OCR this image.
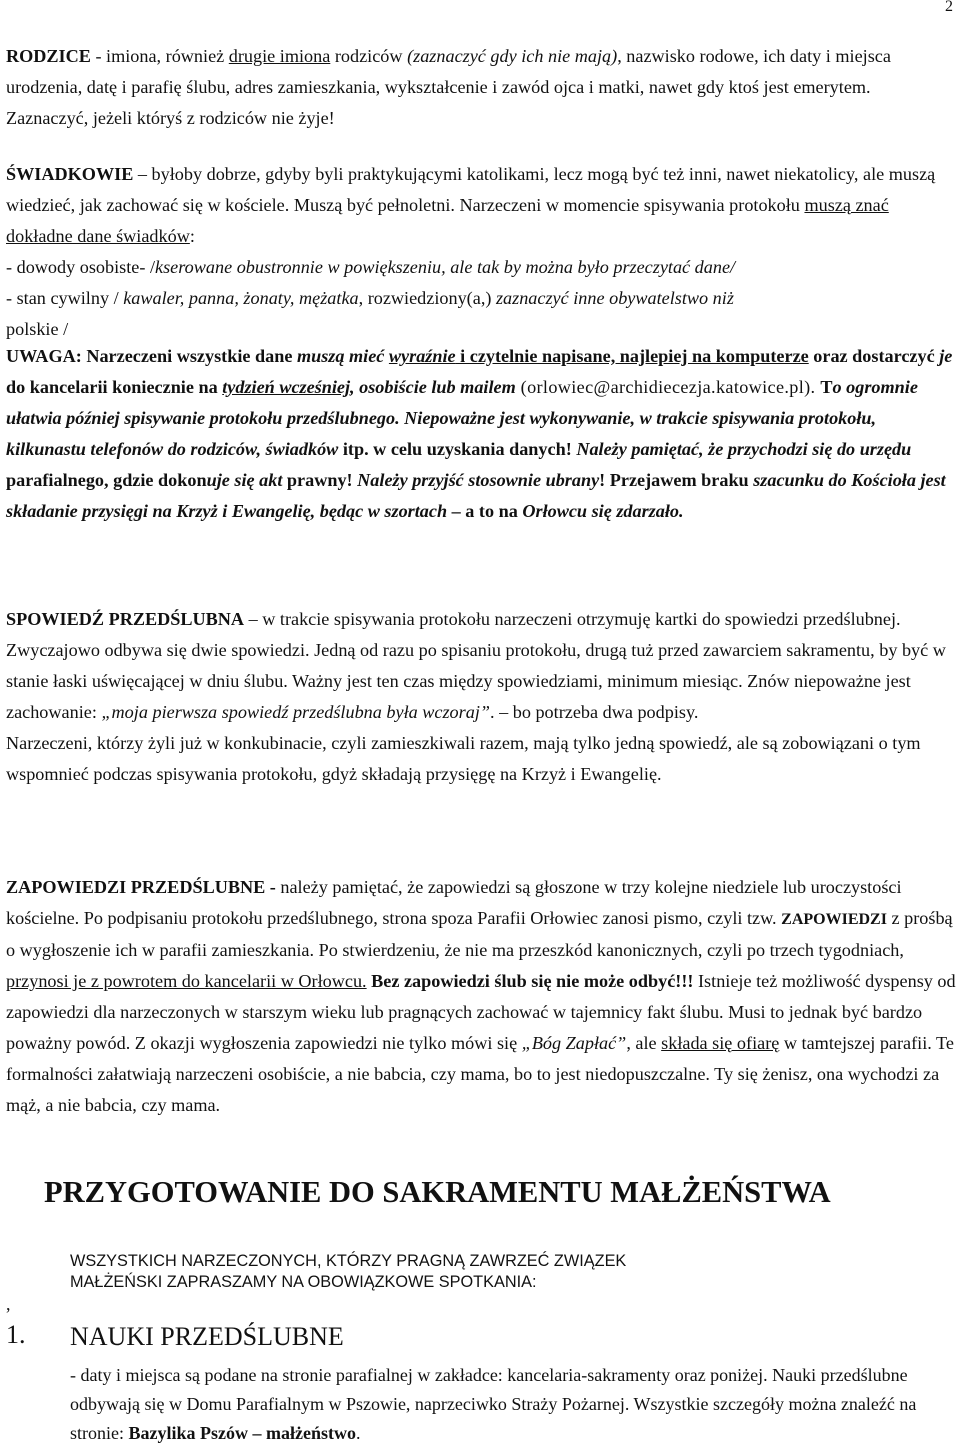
2

RODZICE - imiona, również drugie imiona rodziców (zaznaczyć gdy ich nie mają), nazwisko rodowe, ich daty i miejsca urodzenia, datę i parafię ślubu, adres zamieszkania, wykształcenie i zawód ojca i matki, nawet gdy ktoś jest emerytem. Zaznaczyć, jeżeli któryś z rodziców nie żyje!

ŚWIADKOWIE – byłoby dobrze, gdyby byli praktykującymi katolikami, lecz mogą być też inni, nawet niekatolicy, ale muszą wiedzieć, jak zachować się w kościele. Muszą być pełnoletni. Narzeczeni w momencie spisywania protokołu muszą znać dokładne dane świadków:
- dowody osobiste- /kserowane obustronnie w powiększeniu, ale tak by można było przeczytać dane/
- stan cywilny / kawaler, panna, żonaty, mężatka, rozwiedziony(a,) zaznaczyć inne obywatelstwo niż
polskie /

UWAGA: Narzeczeni wszystkie dane muszą mieć wyraźnie i czytelnie napisane, najlepiej na komputerze oraz dostarczyć je do kancelarii koniecznie na tydzień wcześniej, osobiście lub mailem (orlowiec@archidiecezja.katowice.pl). To ogromnie ułatwia później spisywanie protokołu przedślubnego. Niepoważne jest wykonywanie, w trakcie spisywania protokołu, kilkunastu telefonów do rodziców, świadków itp. w celu uzyskania danych! Należy pamiętać, że przychodzi się do urzędu parafialnego, gdzie dokonuje się akt prawny! Należy przyjść stosownie ubrany! Przejawem braku szacunku do Kościoła jest składanie przysięgi na Krzyż i Ewangelię, będąc w szortach – a to na Orłowcu się zdarzało.

SPOWIEDŹ PRZEDŚLUBNA – w trakcie spisywania protokołu narzeczeni otrzymuję kartki do spowiedzi przedślubnej. Zwyczajowo odbywa się dwie spowiedzi. Jedną od razu po spisaniu protokołu, drugą tuż przed zawarciem sakramentu, by być w stanie łaski uświęcającej w dniu ślubu. Ważny jest ten czas między spowiedziami, minimum miesiąc. Znów niepoważne jest zachowanie: „moja pierwsza spowiedź przedślubna była wczoraj”. – bo potrzeba dwa podpisy.
Narzeczeni, którzy żyli już w konkubinacie, czyli zamieszkiwali razem, mają tylko jedną spowiedź, ale są zobowiązani o tym wspomnieć podczas spisywania protokołu, gdyż składają przysięgę na Krzyż i Ewangelię.

ZAPOWIEDZI PRZEDŚLUBNE - należy pamiętać, że zapowiedzi są głoszone w trzy kolejne niedziele lub uroczystości kościelne. Po podpisaniu protokołu przedślubnego, strona spoza Parafii Orłowiec zanosi pismo, czyli tzw. ZAPOWIEDZI z prośbą o wygłoszenie ich w parafii zamieszkania. Po stwierdzeniu, że nie ma przeszkód kanonicznych, czyli po trzech tygodniach, przynosi je z powrotem do kancelarii w Orłowcu. Bez zapowiedzi ślub się nie może odbyć!!! Istnieje też możliwość dyspensy od zapowiedzi dla narzeczonych w starszym wieku lub pragnących zachować w tajemnicy fakt ślubu. Musi to jednak być bardzo poważny powód. Z okazji wygłoszenia zapowiedzi nie tylko mówi się „Bóg Zapłać”, ale składa się ofiarę w tamtejszej parafii. Te formalności załatwiają narzeczeni osobiście, a nie babcia, czy mama, bo to jest niedopuszczalne. Ty się żenisz, ona wychodzi za mąż, a nie babcia, czy mama.

PRZYGOTOWANIE DO SAKRAMENTU MAŁŻEŃSTWA
WSZYSTKICH NARZECZONYCH, KTÓRZY PRAGNĄ ZAWRZEĆ ZWIĄZEK
MAŁŻEŃSKI ZAPRASZAMY NA OBOWIĄZKOWE SPOTKANIA:
,
1. NAUKI PRZEDŚLUBNE

- daty i miejsca są podane na stronie parafialnej w zakładce: kancelaria-sakramenty oraz poniżej. Nauki przedślubne odbywają się w Domu Parafialnym w Pszowie, naprzeciwko Straży Pożarnej. Wszystkie szczegóły można znaleźć na stronie: Bazylika Pszów – małżeństwo.
